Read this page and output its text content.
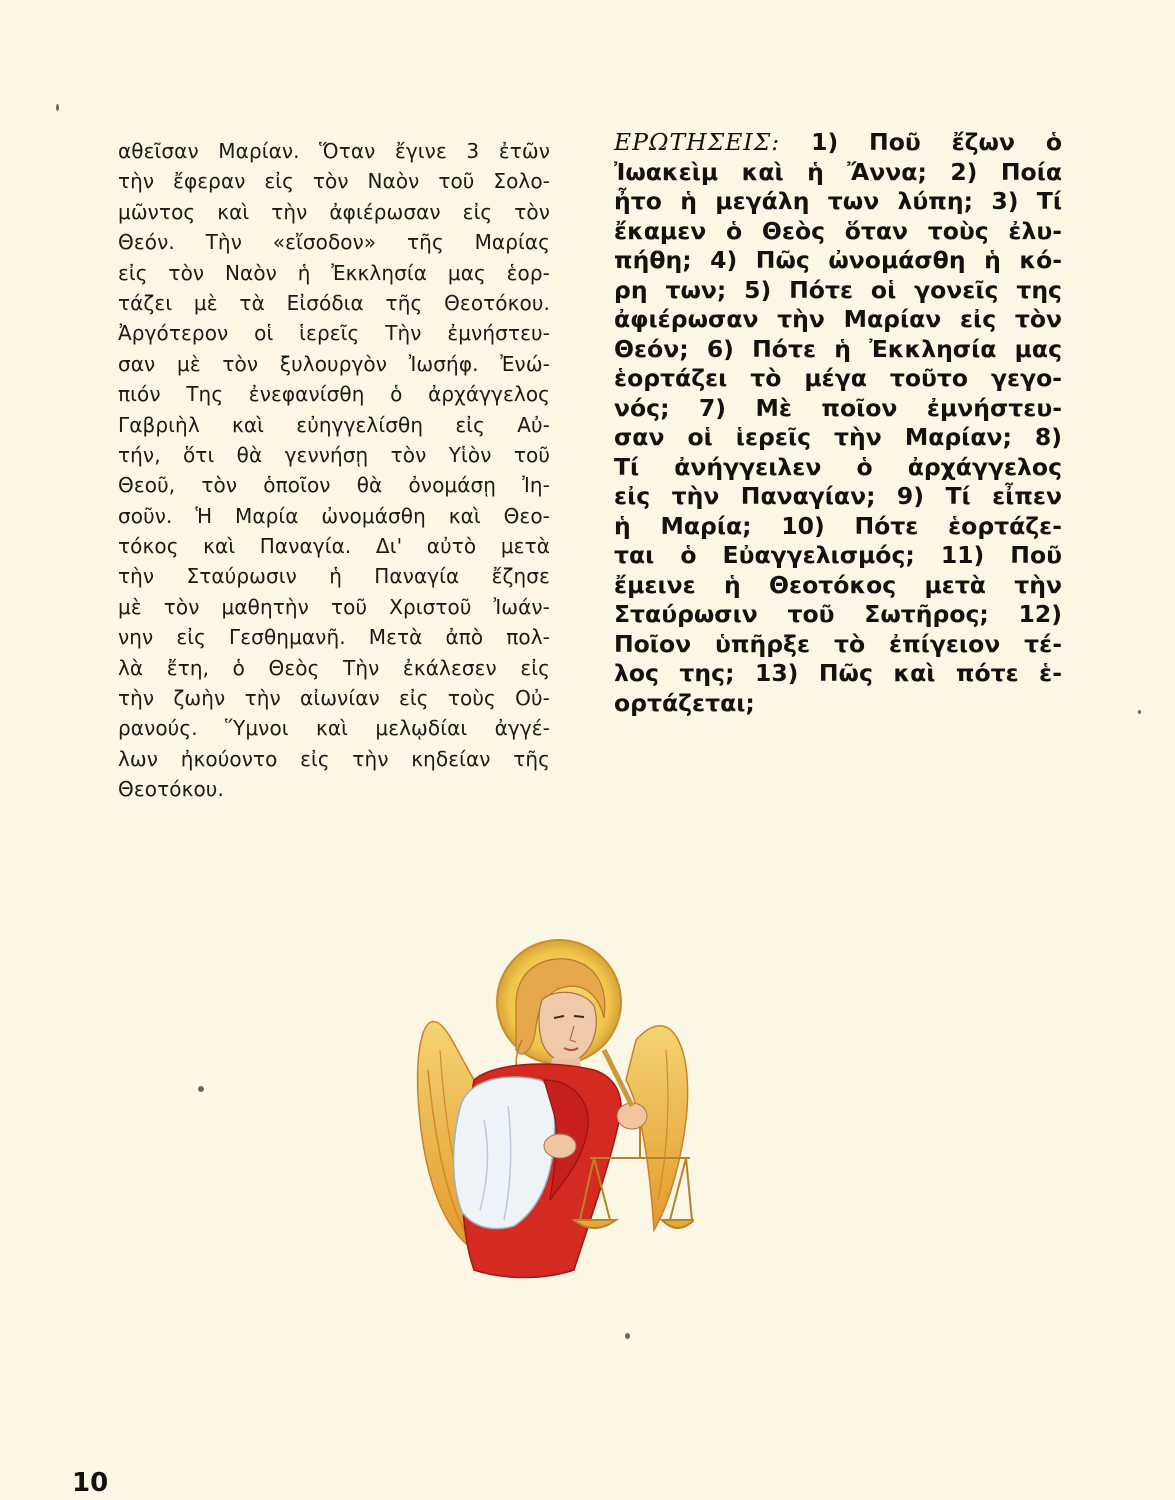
αθεῖσαν Μαρίαν. Ὅταν ἔγινε 3 ἐτῶν
τὴν ἔφεραν εἰς τὸν Ναὸν τοῦ Σολο-
μῶντος καὶ τὴν ἀφιέρωσαν εἰς τὸν
Θεόν. Τὴν «εἴσοδον» τῆς Μαρίας
εἰς τὸν Ναὸν ἡ Ἐκκλησία μας ἑορ-
τάζει μὲ τὰ Εἰσόδια τῆς Θεοτόκου.
Ἀργότερον οἱ ἱερεῖς Τὴν ἐμνήστευ-
σαν μὲ τὸν ξυλουργὸν Ἰωσήφ. Ἐνώ-
πιόν Της ἐνεφανίσθη ὁ ἀρχάγγελος
Γαβριὴλ καὶ εὐηγγελίσθη εἰς Αὐ-
τήν, ὅτι θὰ γεννήσῃ τὸν Υἱὸν τοῦ
Θεοῦ, τὸν ὁποῖον θὰ ὀνομάσῃ Ἰη-
σοῦν. Ἡ Μαρία ὠνομάσθη καὶ Θεο-
τόκος καὶ Παναγία. Δι' αὐτὸ μετὰ
τὴν Σταύρωσιν ἡ Παναγία ἔζησε
μὲ τὸν μαθητὴν τοῦ Χριστοῦ Ἰωάν-
νην εἰς Γεσθημανῆ. Μετὰ ἀπὸ πολ-
λὰ ἔτη, ὁ Θεὸς Τὴν ἐκάλεσεν εἰς
τὴν ζωὴν τὴν αἰωνίαν εἰς τοὺς Οὐ-
ρανούς. Ὕμνοι καὶ μελῳδίαι ἀγγέ-
λων ἠκούοντο εἰς τὴν κηδείαν τῆς
Θεοτόκου.
ΕΡΩΤΗΣΕΙΣ: 1) Ποῦ ἔζων ὁ
Ἰωακεὶμ καὶ ἡ Ἄννα; 2) Ποία
ἦτο ἡ μεγάλη των λύπη; 3) Τί
ἔκαμεν ὁ Θεὸς ὅταν τοὺς ἐλυ-
πήθη; 4) Πῶς ὠνομάσθη ἡ κό-
ρη των; 5) Πότε οἱ γονεῖς της
ἀφιέρωσαν τὴν Μαρίαν εἰς τὸν
Θεόν; 6) Πότε ἡ Ἐκκλησία μας
ἑορτάζει τὸ μέγα τοῦτο γεγο-
νός; 7) Μὲ ποῖον ἐμνήστευ-
σαν οἱ ἱερεῖς τὴν Μαρίαν; 8)
Τί ἀνήγγειλεν ὁ ἀρχάγγελος
εἰς τὴν Παναγίαν; 9) Τί εἶπεν
ἡ Μαρία; 10) Πότε ἑορτάζε-
ται ὁ Εὐαγγελισμός; 11) Ποῦ
ἔμεινε ἡ Θεοτόκος μετὰ τὴν
Σταύρωσιν τοῦ Σωτῆρος; 12)
Ποῖον ὑπῆρξε τὸ ἐπίγειον τέ-
λος της; 13) Πῶς καὶ πότε ἑ-
ορτάζεται;
10
